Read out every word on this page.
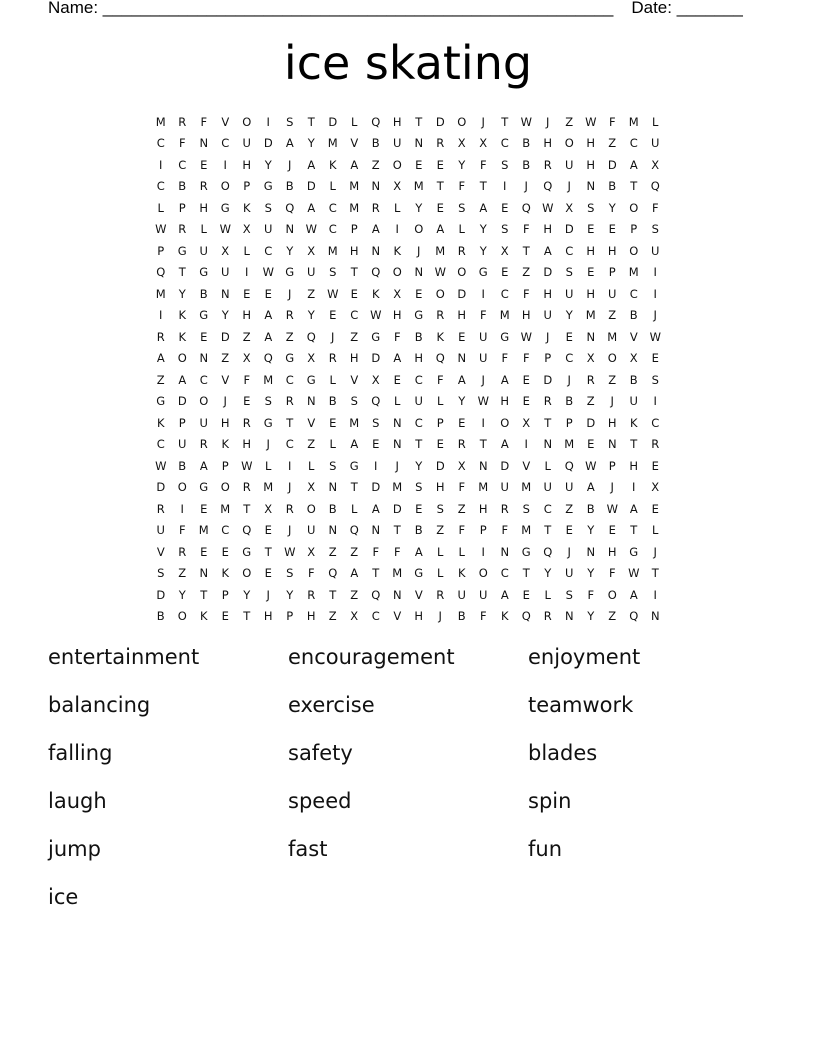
Name: ______________________________________________________ Date: _______
ice skating
M	R	F	V	O	I	S	T	D	L	Q	H	T	D	O	J	T	W	J	Z	W	F	M	L
C	F	N	C	U	D	A	Y	M	V	B	U	N	R	X	X	C	B	H	O	H	Z	C	U
I	C	E	I	H	Y	J	A	K	A	Z	O	E	E	Y	F	S	B	R	U	H	D	A	X
C	B	R	O	P	G	B	D	L	M	N	X	M	T	F	T	I	J	Q	J	N	B	T	Q
L	P	H	G	K	S	Q	A	C	M	R	L	Y	E	S	A	E	Q W	X	S	Y	O	F
W	R	L	W	X	U	N	W	C	P	A	I	O	A	L	Y	S	F	H	D	E	E	P	S
P	G	U	X	L	C	Y	X	M	H	N	K	J	M	R	Y	X	T	A	C	H	H	O	U
Q	T	G	U	I	W G	U	S	T	Q	O	N	W O	G	E	Z	D	S	E	P	M	I
M	Y	B	N	E	E	J	Z	W	E	K	X	E	O	D	I	C	F	H	U	H	U	C	I
I	K	G	Y	H	A	R	Y	E	C	W H	G	R	H	F	M	H	U	Y	M	Z	B	J
R	K	E	D	Z	A	Z	Q	J	Z	G	F	B	K	E	U	G W	J	E	N	M	V	W
A	O	N	Z	X	Q	G	X	R	H	D	A	H	Q	N	U	F	F	P	C	X	O	X	E
Z	A	C	V	F	M	C	G	L	V	X	E	C	F	A	J	A	E	D	J	R	Z	B	S
G	D	O	J	E	S	R	N	B	S	Q	L	U	L	Y	W H	E	R	B	Z	J	U	I
K	P	U	H	R	G	T	V	E	M	S	N	C	P	E	I	O	X	T	P	D	H	K	C
C	U	R	K	H	J	C	Z	L	A	E	N	T	E	R	T	A	I	N	M	E	N	T	R
W	B	A	P	W	L	I	L	S	G	I	J	Y	D	X	N	D	V	L	Q W	P	H	E
D	O	G	O	R	M	J	X	N	T	D	M	S	H	F	M	U	M	U	U	A	J	I	X
R	I	E	M	T	X	R	O	B	L	A	D	E	S	Z	H	R	S	C	Z	B	W	A	E
U	F	M	C	Q	E	J	U	N	Q	N	T	B	Z	F	P	F	M	T	E	Y	E	T	L
V	R	E	E	G	T	W	X	Z	Z	F	F	A	L	L	I	N	G	Q	J	N	H	G	J
S	Z	N	K	O	E	S	F	Q	A	T	M	G	L	K	O	C	T	Y	U	Y	F	W	T
D	Y	T	P	Y	J	Y	R	T	Z	Q	N	V	R	U	U	A	E	L	S	F	O	A	I
B	O	K	E	T	H	P	H	Z	X	C	V	H	J	B	F	K	Q	R	N	Y	Z	Q	N
entertainment	encouragement	enjoyment
balancing	exercise	teamwork
falling	safety	blades
laugh	speed	spin
jump	fast	fun
ice
